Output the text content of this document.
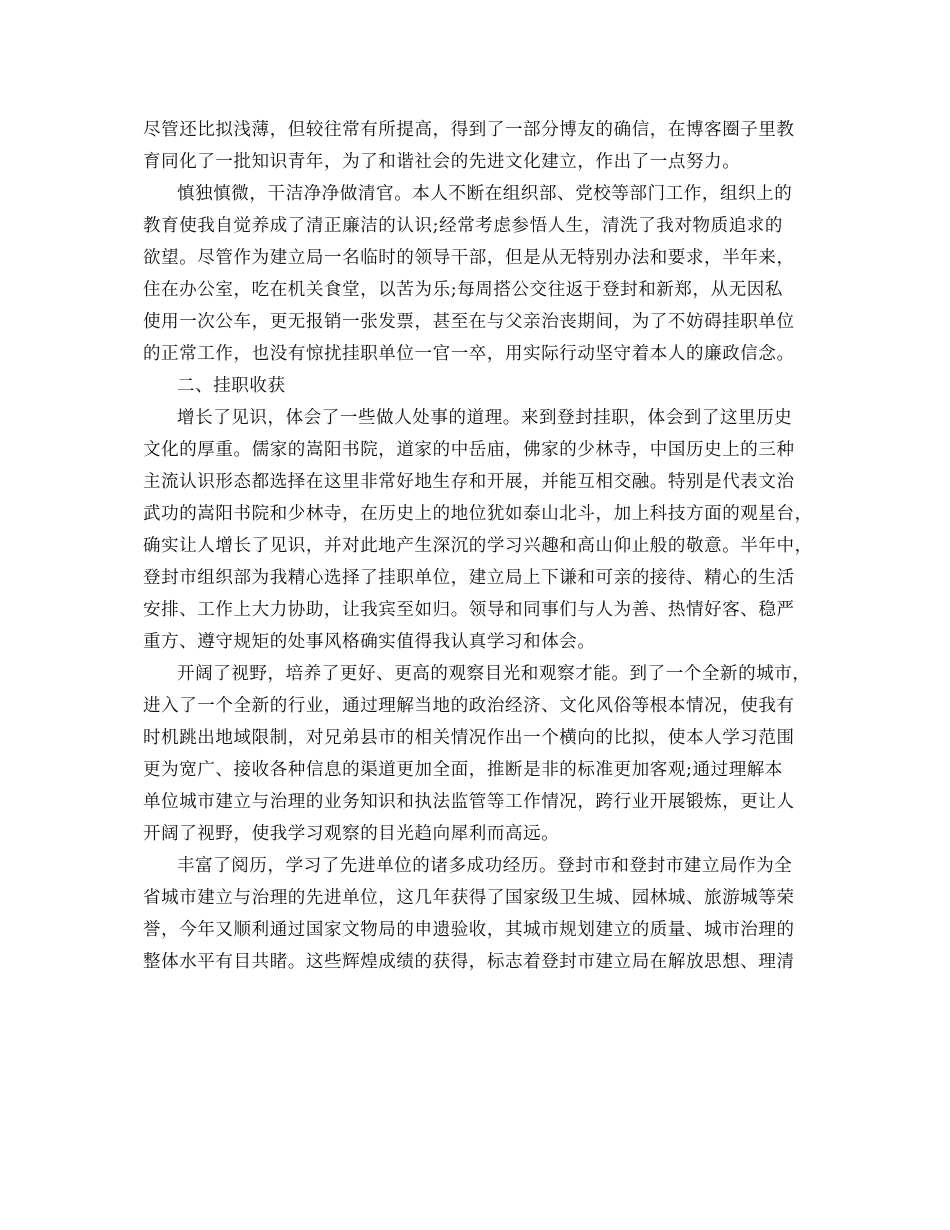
尽管还比拟浅薄，但较往常有所提高，得到了一部分博友的确信，在博客圈子里教
育同化了一批知识青年，为了和谐社会的先进文化建立，作出了一点努力。
慎独慎微，干洁净净做清官。本人不断在组织部、党校等部门工作，组织上的
教育使我自觉养成了清正廉洁的认识;经常考虑参悟人生，清洗了我对物质追求的
欲望。尽管作为建立局一名临时的领导干部，但是从无特别办法和要求，半年来，
住在办公室，吃在机关食堂，以苦为乐;每周搭公交往返于登封和新郑，从无因私
使用一次公车，更无报销一张发票，甚至在与父亲治丧期间，为了不妨碍挂职单位
的正常工作，也没有惊扰挂职单位一官一卒，用实际行动坚守着本人的廉政信念。
二、挂职收获
增长了见识，体会了一些做人处事的道理。来到登封挂职，体会到了这里历史
文化的厚重。儒家的嵩阳书院，道家的中岳庙，佛家的少林寺，中国历史上的三种
主流认识形态都选择在这里非常好地生存和开展，并能互相交融。特别是代表文治
武功的嵩阳书院和少林寺，在历史上的地位犹如泰山北斗，加上科技方面的观星台，
确实让人增长了见识，并对此地产生深沉的学习兴趣和高山仰止般的敬意。半年中，
登封市组织部为我精心选择了挂职单位，建立局上下谦和可亲的接待、精心的生活
安排、工作上大力协助，让我宾至如归。领导和同事们与人为善、热情好客、稳严
重方、遵守规矩的处事风格确实值得我认真学习和体会。
开阔了视野，培养了更好、更高的观察目光和观察才能。到了一个全新的城市，
进入了一个全新的行业，通过理解当地的政治经济、文化风俗等根本情况，使我有
时机跳出地域限制，对兄弟县市的相关情况作出一个横向的比拟，使本人学习范围
更为宽广、接收各种信息的渠道更加全面，推断是非的标准更加客观;通过理解本
单位城市建立与治理的业务知识和执法监管等工作情况，跨行业开展锻炼，更让人
开阔了视野，使我学习观察的目光趋向犀利而高远。
丰富了阅历，学习了先进单位的诸多成功经历。登封市和登封市建立局作为全
省城市建立与治理的先进单位，这几年获得了国家级卫生城、园林城、旅游城等荣
誉，今年又顺利通过国家文物局的申遗验收，其城市规划建立的质量、城市治理的
整体水平有目共睹。这些辉煌成绩的获得，标志着登封市建立局在解放思想、理清
